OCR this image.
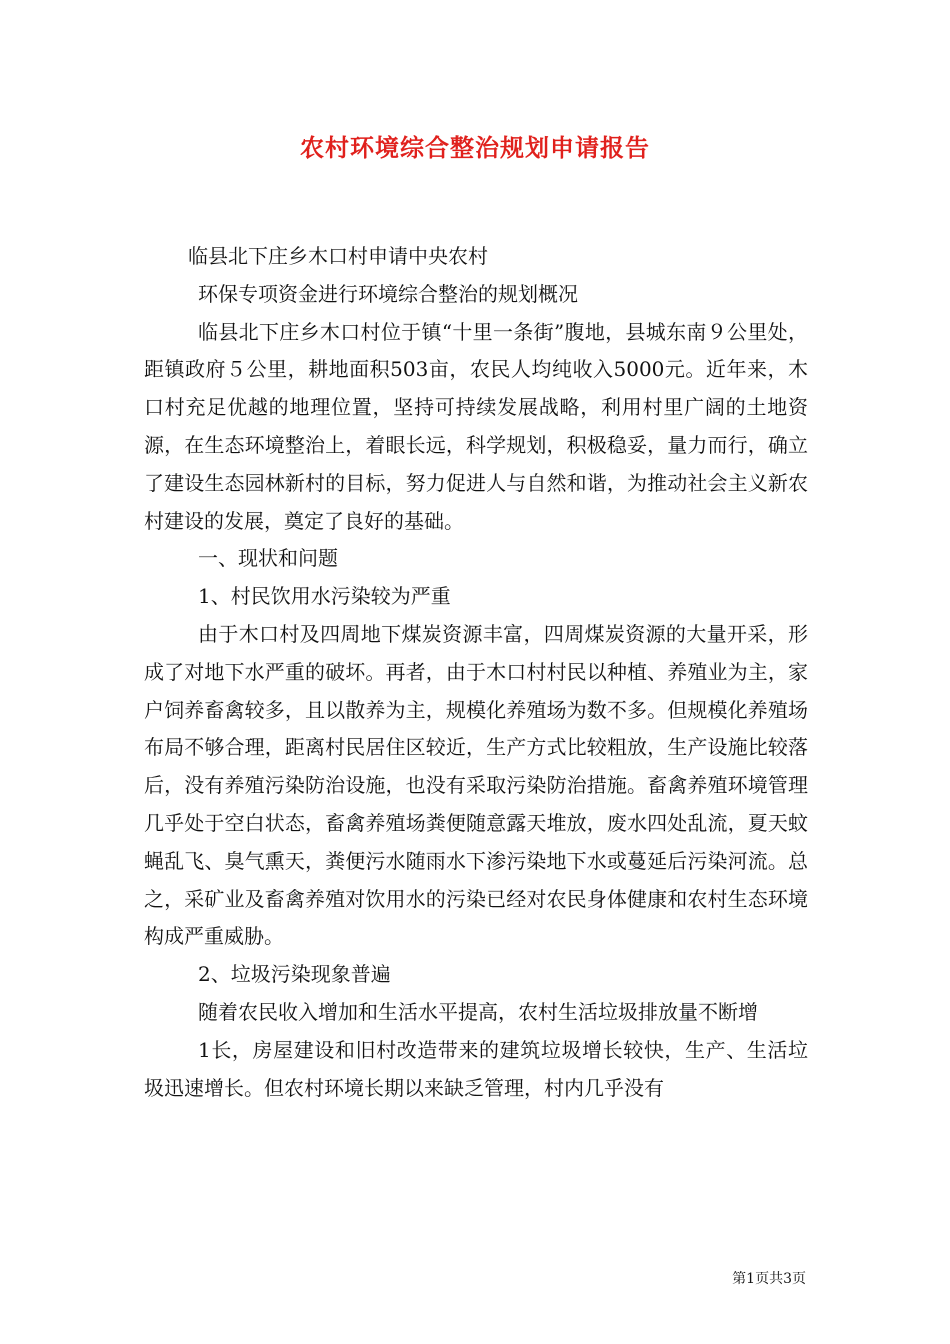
农村环境综合整治规划申请报告

临县北下庄乡木口村申请中央农村

环保专项资金进行环境综合整治的规划概况

临县北下庄乡木口村位于镇“十里一条街”腹地，县城东南９公里处，距镇政府５公里，耕地面积503亩，农民人均纯收入5000元。近年来，木口村充足优越的地理位置，坚持可持续发展战略，利用村里广阔的土地资源，在生态环境整治上，着眼长远，科学规划，积极稳妥，量力而行，确立了建设生态园林新村的目标，努力促进人与自然和谐，为推动社会主义新农村建设的发展，奠定了良好的基础。

一、现状和问题

1、村民饮用水污染较为严重

由于木口村及四周地下煤炭资源丰富，四周煤炭资源的大量开采，形成了对地下水严重的破坏。再者，由于木口村村民以种植、养殖业为主，家户饲养畜禽较多，且以散养为主，规模化养殖场为数不多。但规模化养殖场布局不够合理，距离村民居住区较近，生产方式比较粗放，生产设施比较落后，没有养殖污染防治设施，也没有采取污染防治措施。畜禽养殖环境管理几乎处于空白状态，畜禽养殖场粪便随意露天堆放，废水四处乱流，夏天蚊蝇乱飞、臭气熏天，粪便污水随雨水下渗污染地下水或蔓延后污染河流。总之，采矿业及畜禽养殖对饮用水的污染已经对农民身体健康和农村生态环境构成严重威胁。

2、垃圾污染现象普遍

随着农民收入增加和生活水平提高，农村生活垃圾排放量不断增

1长，房屋建设和旧村改造带来的建筑垃圾增长较快，生产、生活垃圾迅速增长。但农村环境长期以来缺乏管理，村内几乎没有

第1页共3页
